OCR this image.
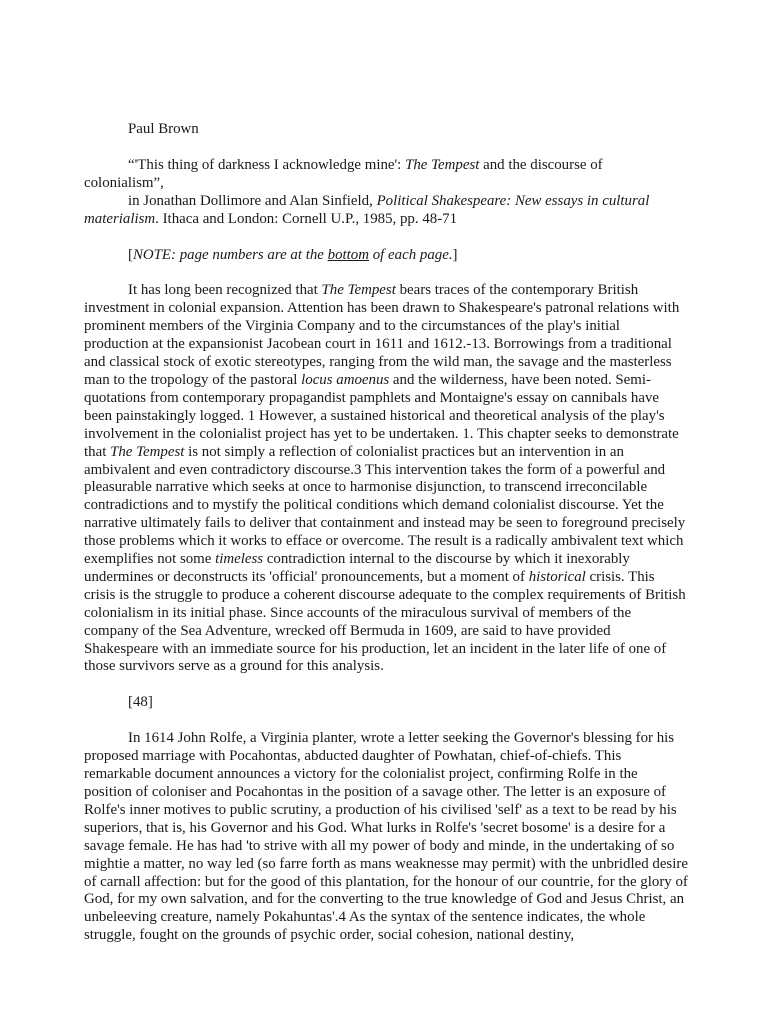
Paul Brown

“'This thing of darkness I acknowledge mine': The Tempest and the discourse of
colonialism”,
in Jonathan Dollimore and Alan Sinfield, Political Shakespeare: New essays in cultural
materialism. Ithaca and London: Cornell U.P., 1985, pp. 48-71

[NOTE: page numbers are at the bottom of each page.]

It has long been recognized that The Tempest bears traces of the contemporary British investment in colonial expansion. Attention has been drawn to Shakespeare's patronal relations with prominent members of the Virginia Company and to the circumstances of the play's initial production at the expansionist Jacobean court in 1611 and 1612.-13. Borrowings from a traditional and classical stock of exotic stereotypes, ranging from the wild man, the savage and the masterless man to the tropology of the pastoral locus amoenus and the wilderness, have been noted. Semi-quotations from contemporary propagandist pamphlets and Montaigne's essay on cannibals have been painstakingly logged. 1 However, a sustained historical and theoretical analysis of the play's involvement in the colonialist project has yet to be undertaken. 1. This chapter seeks to demonstrate that The Tempest is not simply a reflection of colonialist practices but an intervention in an ambivalent and even contradictory discourse.3 This intervention takes the form of a powerful and pleasurable narrative which seeks at once to harmonise disjunction, to transcend irreconcilable contradictions and to mystify the political conditions which demand colonialist discourse. Yet the narrative ultimately fails to deliver that containment and instead may be seen to foreground precisely those problems which it works to efface or overcome. The result is a radically ambivalent text which exemplifies not some timeless contradiction internal to the discourse by which it inexorably undermines or deconstructs its 'official' pronouncements, but a moment of historical crisis. This crisis is the struggle to produce a coherent discourse adequate to the complex requirements of British colonialism in its initial phase. Since accounts of the miraculous survival of members of the company of the Sea Adventure, wrecked off Bermuda in 1609, are said to have provided Shakespeare with an immediate source for his production, let an incident in the later life of one of those survivors serve as a ground for this analysis.

[48]

In 1614 John Rolfe, a Virginia planter, wrote a letter seeking the Governor's blessing for his proposed marriage with Pocahontas, abducted daughter of Powhatan, chief-of-chiefs. This remarkable document announces a victory for the colonialist project, confirming Rolfe in the position of coloniser and Pocahontas in the position of a savage other. The letter is an exposure of Rolfe's inner motives to public scrutiny, a production of his civilised 'self' as a text to be read by his superiors, that is, his Governor and his God. What lurks in Rolfe's 'secret bosome' is a desire for a savage female. He has had 'to strive with all my power of body and minde, in the undertaking of so mightie a matter, no way led (so farre forth as mans weaknesse may permit) with the unbridled desire of carnall affection: but for the good of this plantation, for the honour of our countrie, for the glory of God, for my own salvation, and for the converting to the true knowledge of God and Jesus Christ, an unbeleeving creature, namely Pokahuntas'.4 As the syntax of the sentence indicates, the whole struggle, fought on the grounds of psychic order, social cohesion, national destiny,
